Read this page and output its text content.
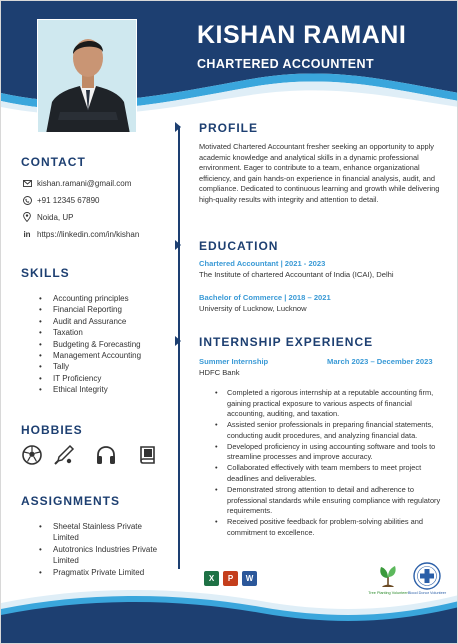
KISHAN RAMANI
CHARTERED ACCOUNTENT
CONTACT
kishan.ramani@gmail.com
+91 12345 67890
Noida, UP
in https://linkedin.com/in/kishan
SKILLS
• Accounting principles
• Financial Reporting
• Audit and Assurance
• Taxation
• Budgeting & Forecasting
• Management Accounting
• Tally
• IT Proficiency
• Ethical Integrity
HOBBIES
ASSIGNMENTS
• Sheetal Stainless Private Limited
• Autotronics Industries Private Limited
• Pragmatix Private Limited
PROFILE
Motivated Chartered Accountant fresher seeking an opportunity to apply academic knowledge and analytical skills in a dynamic professional environment. Eager to contribute to a team, enhance organizational efficiency, and gain hands-on experience in financial analysis, audit, and compliance. Dedicated to continuous learning and growth while delivering high-quality results with integrity and attention to detail.
EDUCATION
Chartered Accountant | 2021 - 2023
The Institute of chartered Accountant of India (ICAI), Delhi
Bachelor of Commerce | 2018 – 2021
University of Lucknow, Lucknow
INTERNSHIP EXPERIENCE
Summer Internship	March 2023 – December 2023
HDFC Bank
• Completed a rigorous internship at a reputable accounting firm, gaining practical exposure to various aspects of financial accounting, auditing, and taxation.
• Assisted senior professionals in preparing financial statements, conducting audit procedures, and analyzing financial data.
• Developed proficiency in using accounting software and tools to streamline processes and improve accuracy.
• Collaborated effectively with team members to meet project deadlines and deliverables.
• Demonstrated strong attention to detail and adherence to professional standards while ensuring compliance with regulatory requirements.
• Received positive feedback for problem-solving abilities and commitment to excellence.
X	P	W
Tree Planting Volunteer Blood Donor Volunteer
